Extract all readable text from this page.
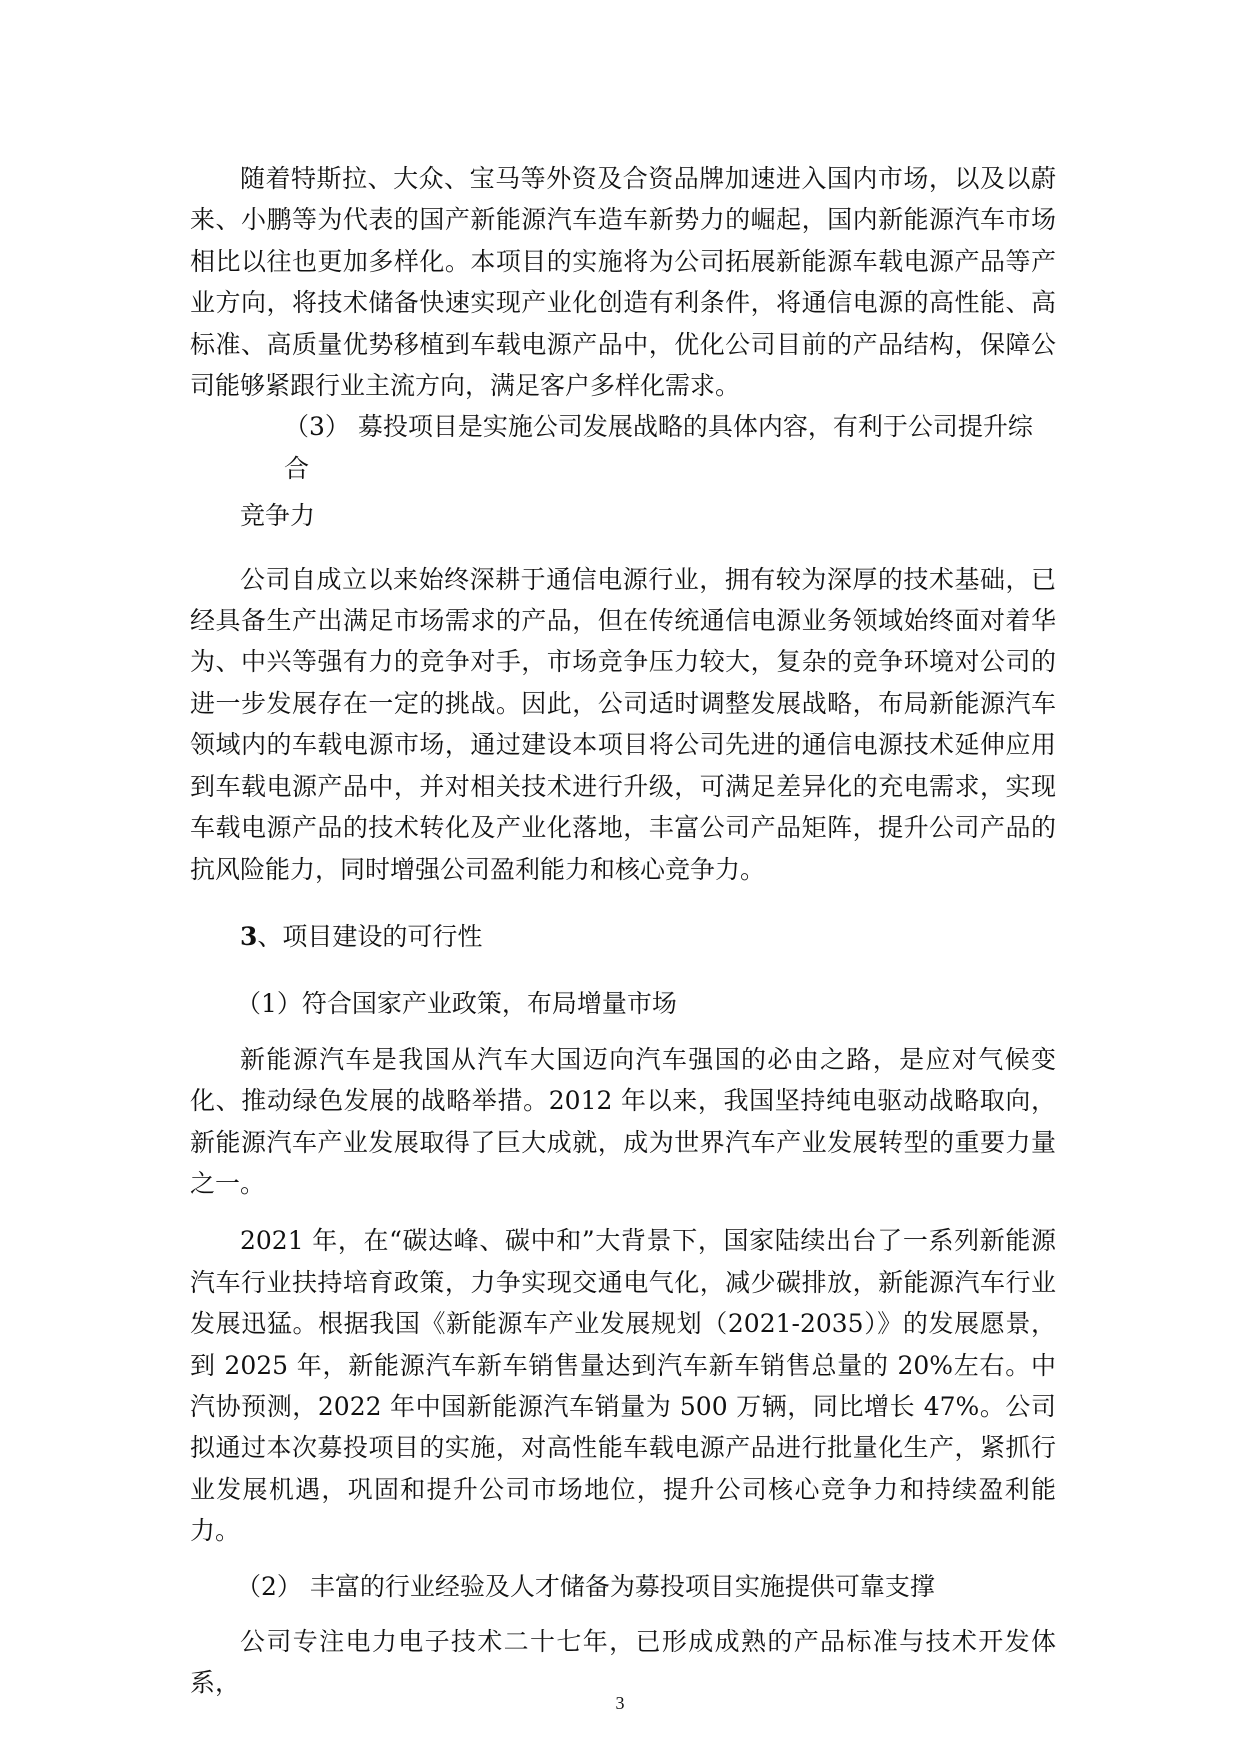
随着特斯拉、大众、宝马等外资及合资品牌加速进入国内市场，以及以蔚来、小鹏等为代表的国产新能源汽车造车新势力的崛起，国内新能源汽车市场相比以往也更加多样化。本项目的实施将为公司拓展新能源车载电源产品等产业方向，将技术储备快速实现产业化创造有利条件，将通信电源的高性能、高标准、高质量优势移植到车载电源产品中，优化公司目前的产品结构，保障公司能够紧跟行业主流方向，满足客户多样化需求。

（3） 募投项目是实施公司发展战略的具体内容，有利于公司提升综合

竞争力

公司自成立以来始终深耕于通信电源行业，拥有较为深厚的技术基础，已经具备生产出满足市场需求的产品，但在传统通信电源业务领域始终面对着华为、中兴等强有力的竞争对手，市场竞争压力较大，复杂的竞争环境对公司的进一步发展存在一定的挑战。因此，公司适时调整发展战略，布局新能源汽车领域内的车载电源市场，通过建设本项目将公司先进的通信电源技术延伸应用到车载电源产品中，并对相关技术进行升级，可满足差异化的充电需求，实现车载电源产品的技术转化及产业化落地，丰富公司产品矩阵，提升公司产品的抗风险能力，同时增强公司盈利能力和核心竞争力。

3、项目建设的可行性

（1）符合国家产业政策，布局增量市场

新能源汽车是我国从汽车大国迈向汽车强国的必由之路，是应对气候变化、推动绿色发展的战略举措。2012 年以来，我国坚持纯电驱动战略取向，新能源汽车产业发展取得了巨大成就，成为世界汽车产业发展转型的重要力量之一。

2021 年，在“碳达峰、碳中和”大背景下，国家陆续出台了一系列新能源汽车行业扶持培育政策，力争实现交通电气化，减少碳排放，新能源汽车行业发展迅猛。根据我国《新能源车产业发展规划（2021-2035）》的发展愿景，到 2025 年，新能源汽车新车销售量达到汽车新车销售总量的 20%左右。中汽协预测，2022 年中国新能源汽车销量为 500 万辆，同比增长 47%。公司拟通过本次募投项目的实施，对高性能车载电源产品进行批量化生产，紧抓行业发展机遇，巩固和提升公司市场地位，提升公司核心竞争力和持续盈利能力。

（2） 丰富的行业经验及人才储备为募投项目实施提供可靠支撑

公司专注电力电子技术二十七年，已形成成熟的产品标准与技术开发体系，

3
